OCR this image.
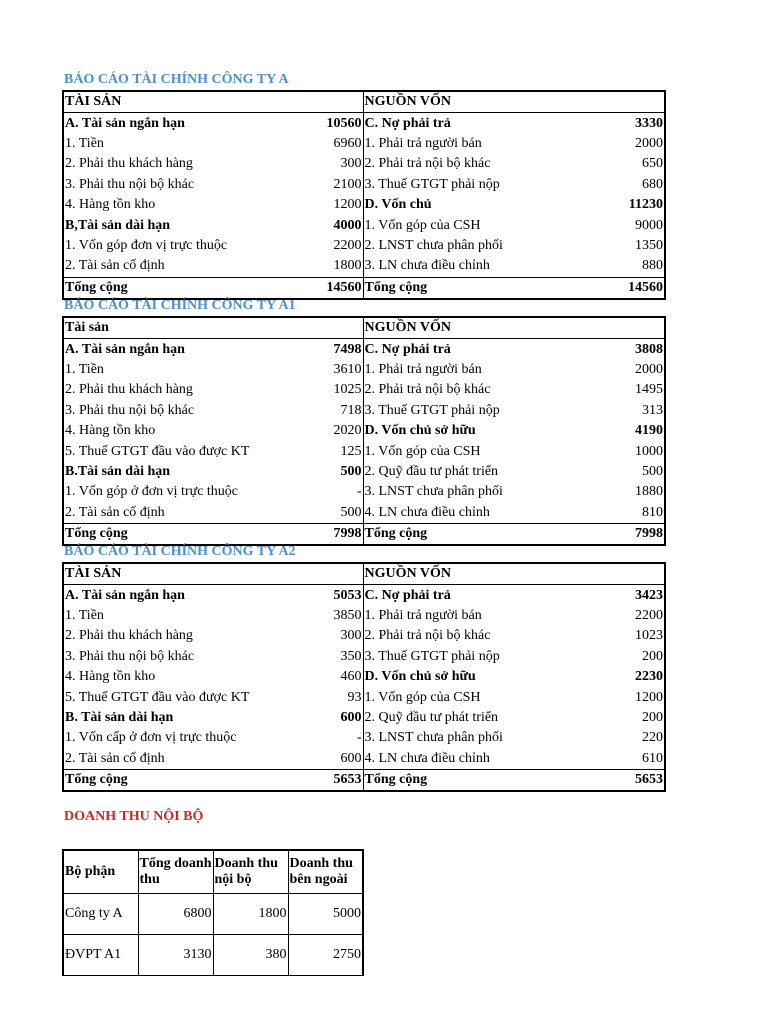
BÁO CÁO TÀI CHÍNH CÔNG TY A
TÀI SẢN		NGUỒN VỐN	
A. Tài sản ngắn hạn	10560	C. Nợ phải trả	3330
1. Tiền	6960	1. Phải trả người bán	2000
2. Phải thu khách hàng	300	2. Phải trả nội bộ khác	650
3. Phải thu nội bộ khác	2100	3. Thuế GTGT phải nộp	680
4. Hàng tồn kho	1200	D. Vốn chủ	11230
B,Tài sản dài hạn	4000	1. Vốn góp của CSH	9000
1. Vốn góp đơn vị trực thuộc	2200	2. LNST chưa phân phối	1350
2. Tài sản cố định	1800	3. LN chưa điều chỉnh	880
Tổng cộng	14560	Tổng cộng	14560
BÁO CÁO TÀI CHÍNH CÔNG TY A1
Tài sản		NGUỒN VỐN	
A. Tài sản ngắn hạn	7498	C. Nợ phải trả	3808
1. Tiền	3610	1. Phải trả người bán	2000
2. Phải thu khách hàng	1025	2. Phải trả nội bộ khác	1495
3. Phải thu nội bộ khác	718	3. Thuế GTGT phải nộp	313
4. Hàng tồn kho	2020	D. Vốn chủ sở hữu	4190
5. Thuế GTGT đầu vào được KT	125	1. Vốn góp của CSH	1000
B.Tài sản dài hạn	500	2. Quỹ đầu tư phát triển	500
1. Vốn góp ở đơn vị trực thuộc	-	3. LNST chưa phân phối	1880
2. Tài sản cố định	500	4. LN chưa điều chỉnh	810
Tổng cộng	7998	Tổng cộng	7998
BÁO CÁO TÀI CHÍNH CÔNG TY A2
TÀI SẢN		NGUỒN VỐN	
A. Tài sản ngắn hạn	5053	C. Nợ phải trả	3423
1. Tiền	3850	1. Phải trả người bán	2200
2. Phải thu khách hàng	300	2. Phải trả nội bộ khác	1023
3. Phải thu nội bộ khác	350	3. Thuế GTGT phải nộp	200
4. Hàng tồn kho	460	D. Vốn chủ sở hữu	2230
5. Thuế GTGT đầu vào được KT	93	1. Vốn góp của CSH	1200
B. Tài sản dài hạn	600	2. Quỹ đầu tư phát triển	200
1. Vốn cấp ở đơn vị trực thuộc	-	3. LNST chưa phân phối	220
2. Tài sản cố định	600	4. LN chưa điều chỉnh	610
Tổng cộng	5653	Tổng cộng	5653
DOANH THU NỘI BỘ
Bộ phận	Tổng doanh thu	Doanh thu nội bộ	Doanh thu bên ngoài
Công ty A	6800	1800	5000
ĐVPT A1	3130	380	2750
